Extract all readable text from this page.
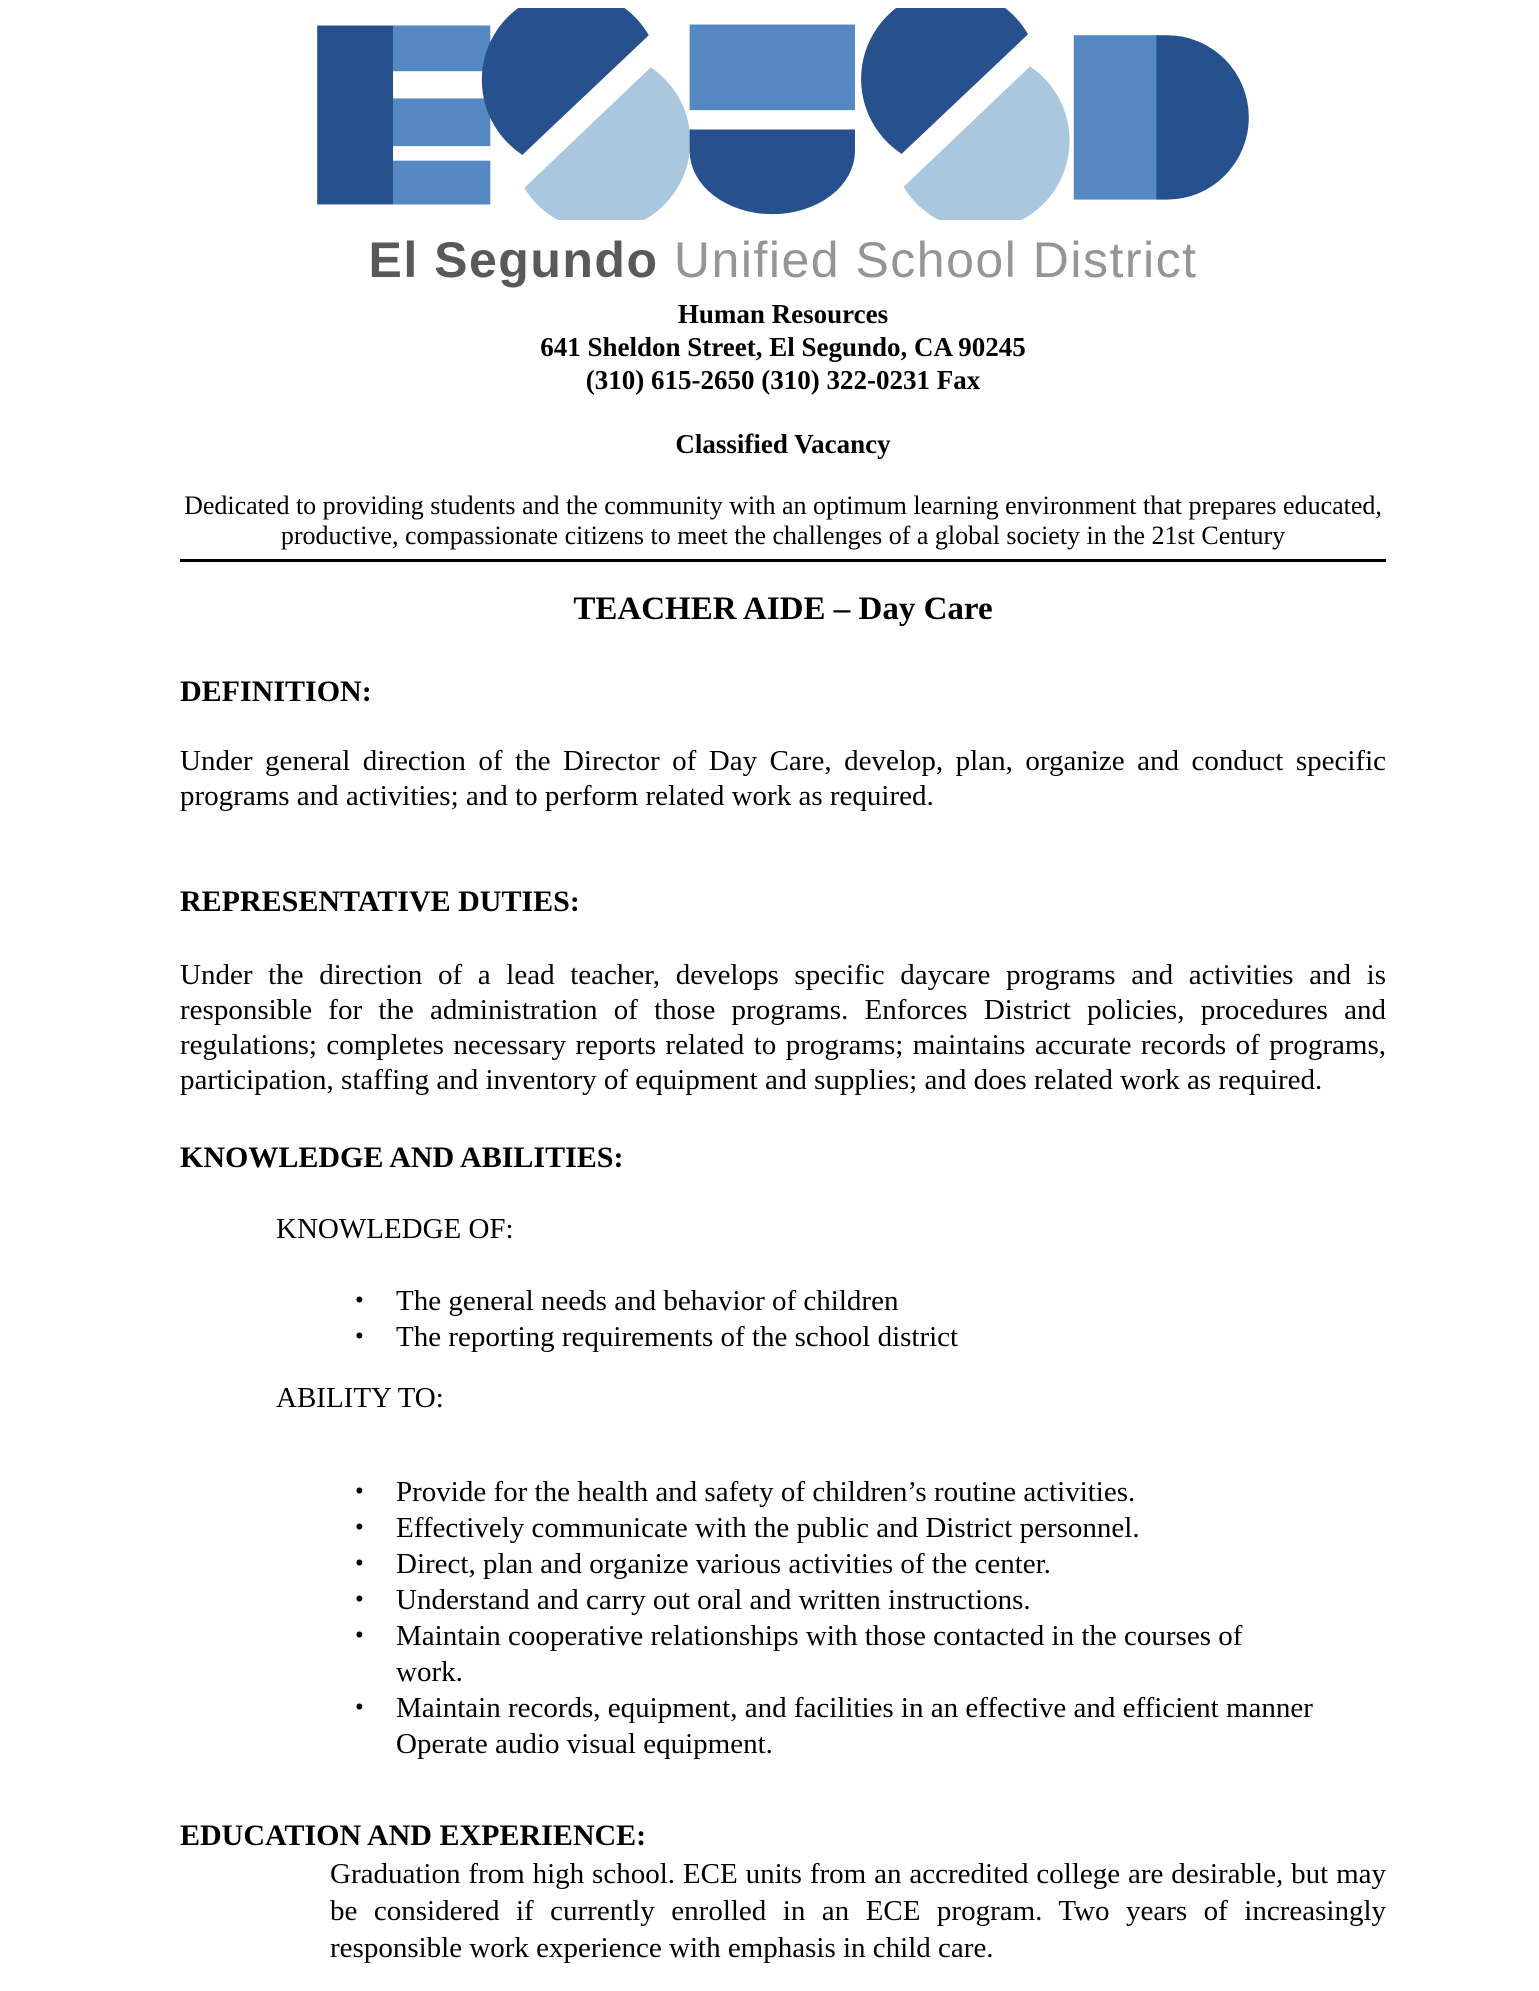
El Segundo Unified School District
Human Resources
641 Sheldon Street, El Segundo, CA 90245
(310) 615-2650 (310) 322-0231 Fax
Classified Vacancy
Dedicated to providing students and the community with an optimum learning environment that prepares educated, productive, compassionate citizens to meet the challenges of a global society in the 21st Century
TEACHER AIDE – Day Care
DEFINITION:
Under general direction of the Director of Day Care, develop, plan, organize and conduct specific programs and activities; and to perform related work as required.
REPRESENTATIVE DUTIES:
Under the direction of a lead teacher, develops specific daycare programs and activities and is responsible for the administration of those programs. Enforces District policies, procedures and regulations; completes necessary reports related to programs; maintains accurate records of programs, participation, staffing and inventory of equipment and supplies; and does related work as required.
KNOWLEDGE AND ABILITIES:
KNOWLEDGE OF:
•	The general needs and behavior of children
•	The reporting requirements of the school district
ABILITY TO:
•	Provide for the health and safety of children’s routine activities.
•	Effectively communicate with the public and District personnel.
•	Direct, plan and organize various activities of the center.
•	Understand and carry out oral and written instructions.
•	Maintain cooperative relationships with those contacted in the courses of work.
•	Maintain records, equipment, and facilities in an effective and efficient manner Operate audio visual equipment.
EDUCATION AND EXPERIENCE:
Graduation from high school. ECE units from an accredited college are desirable, but may be considered if currently enrolled in an ECE program. Two years of increasingly responsible work experience with emphasis in child care.
